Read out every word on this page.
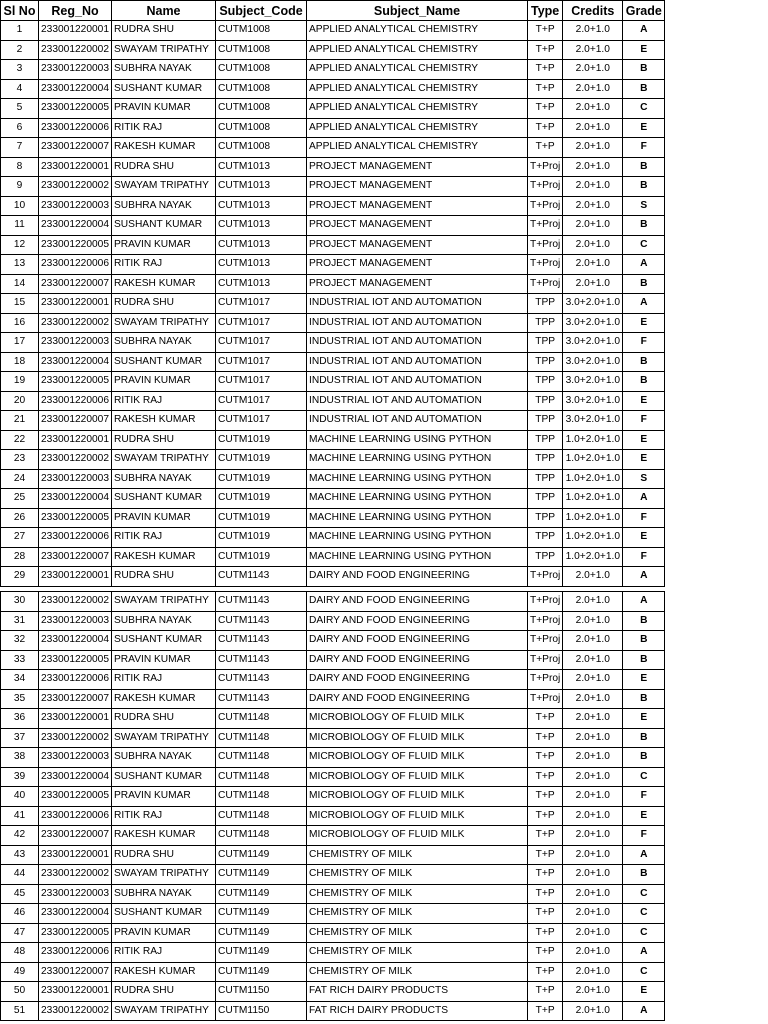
Sl No	Reg_No	Name	Subject_Code	Subject_Name	Type	Credits	Grade
1	233001220001	RUDRA SHU	CUTM1008	APPLIED ANALYTICAL CHEMISTRY	T+P	2.0+1.0	A
2	233001220002	SWAYAM TRIPATHY	CUTM1008	APPLIED ANALYTICAL CHEMISTRY	T+P	2.0+1.0	E
3	233001220003	SUBHRA NAYAK	CUTM1008	APPLIED ANALYTICAL CHEMISTRY	T+P	2.0+1.0	B
4	233001220004	SUSHANT KUMAR	CUTM1008	APPLIED ANALYTICAL CHEMISTRY	T+P	2.0+1.0	B
5	233001220005	PRAVIN KUMAR	CUTM1008	APPLIED ANALYTICAL CHEMISTRY	T+P	2.0+1.0	C
6	233001220006	RITIK RAJ	CUTM1008	APPLIED ANALYTICAL CHEMISTRY	T+P	2.0+1.0	E
7	233001220007	RAKESH KUMAR	CUTM1008	APPLIED ANALYTICAL CHEMISTRY	T+P	2.0+1.0	F
8	233001220001	RUDRA SHU	CUTM1013	PROJECT MANAGEMENT	T+Proj	2.0+1.0	B
9	233001220002	SWAYAM TRIPATHY	CUTM1013	PROJECT MANAGEMENT	T+Proj	2.0+1.0	B
10	233001220003	SUBHRA NAYAK	CUTM1013	PROJECT MANAGEMENT	T+Proj	2.0+1.0	S
11	233001220004	SUSHANT KUMAR	CUTM1013	PROJECT MANAGEMENT	T+Proj	2.0+1.0	B
12	233001220005	PRAVIN KUMAR	CUTM1013	PROJECT MANAGEMENT	T+Proj	2.0+1.0	C
13	233001220006	RITIK RAJ	CUTM1013	PROJECT MANAGEMENT	T+Proj	2.0+1.0	A
14	233001220007	RAKESH KUMAR	CUTM1013	PROJECT MANAGEMENT	T+Proj	2.0+1.0	B
15	233001220001	RUDRA SHU	CUTM1017	INDUSTRIAL IOT AND AUTOMATION	TPP	3.0+2.0+1.0	A
16	233001220002	SWAYAM TRIPATHY	CUTM1017	INDUSTRIAL IOT AND AUTOMATION	TPP	3.0+2.0+1.0	E
17	233001220003	SUBHRA NAYAK	CUTM1017	INDUSTRIAL IOT AND AUTOMATION	TPP	3.0+2.0+1.0	F
18	233001220004	SUSHANT KUMAR	CUTM1017	INDUSTRIAL IOT AND AUTOMATION	TPP	3.0+2.0+1.0	B
19	233001220005	PRAVIN KUMAR	CUTM1017	INDUSTRIAL IOT AND AUTOMATION	TPP	3.0+2.0+1.0	B
20	233001220006	RITIK RAJ	CUTM1017	INDUSTRIAL IOT AND AUTOMATION	TPP	3.0+2.0+1.0	E
21	233001220007	RAKESH KUMAR	CUTM1017	INDUSTRIAL IOT AND AUTOMATION	TPP	3.0+2.0+1.0	F
22	233001220001	RUDRA SHU	CUTM1019	MACHINE LEARNING USING PYTHON	TPP	1.0+2.0+1.0	E
23	233001220002	SWAYAM TRIPATHY	CUTM1019	MACHINE LEARNING USING PYTHON	TPP	1.0+2.0+1.0	E
24	233001220003	SUBHRA NAYAK	CUTM1019	MACHINE LEARNING USING PYTHON	TPP	1.0+2.0+1.0	S
25	233001220004	SUSHANT KUMAR	CUTM1019	MACHINE LEARNING USING PYTHON	TPP	1.0+2.0+1.0	A
26	233001220005	PRAVIN KUMAR	CUTM1019	MACHINE LEARNING USING PYTHON	TPP	1.0+2.0+1.0	F
27	233001220006	RITIK RAJ	CUTM1019	MACHINE LEARNING USING PYTHON	TPP	1.0+2.0+1.0	E
28	233001220007	RAKESH KUMAR	CUTM1019	MACHINE LEARNING USING PYTHON	TPP	1.0+2.0+1.0	F
29	233001220001	RUDRA SHU	CUTM1143	DAIRY AND FOOD ENGINEERING	T+Proj	2.0+1.0	A
30	233001220002	SWAYAM TRIPATHY	CUTM1143	DAIRY AND FOOD ENGINEERING	T+Proj	2.0+1.0	A
31	233001220003	SUBHRA NAYAK	CUTM1143	DAIRY AND FOOD ENGINEERING	T+Proj	2.0+1.0	B
32	233001220004	SUSHANT KUMAR	CUTM1143	DAIRY AND FOOD ENGINEERING	T+Proj	2.0+1.0	B
33	233001220005	PRAVIN KUMAR	CUTM1143	DAIRY AND FOOD ENGINEERING	T+Proj	2.0+1.0	B
34	233001220006	RITIK RAJ	CUTM1143	DAIRY AND FOOD ENGINEERING	T+Proj	2.0+1.0	E
35	233001220007	RAKESH KUMAR	CUTM1143	DAIRY AND FOOD ENGINEERING	T+Proj	2.0+1.0	B
36	233001220001	RUDRA SHU	CUTM1148	MICROBIOLOGY OF FLUID MILK	T+P	2.0+1.0	E
37	233001220002	SWAYAM TRIPATHY	CUTM1148	MICROBIOLOGY OF FLUID MILK	T+P	2.0+1.0	B
38	233001220003	SUBHRA NAYAK	CUTM1148	MICROBIOLOGY OF FLUID MILK	T+P	2.0+1.0	B
39	233001220004	SUSHANT KUMAR	CUTM1148	MICROBIOLOGY OF FLUID MILK	T+P	2.0+1.0	C
40	233001220005	PRAVIN KUMAR	CUTM1148	MICROBIOLOGY OF FLUID MILK	T+P	2.0+1.0	F
41	233001220006	RITIK RAJ	CUTM1148	MICROBIOLOGY OF FLUID MILK	T+P	2.0+1.0	E
42	233001220007	RAKESH KUMAR	CUTM1148	MICROBIOLOGY OF FLUID MILK	T+P	2.0+1.0	F
43	233001220001	RUDRA SHU	CUTM1149	CHEMISTRY OF MILK	T+P	2.0+1.0	A
44	233001220002	SWAYAM TRIPATHY	CUTM1149	CHEMISTRY OF MILK	T+P	2.0+1.0	B
45	233001220003	SUBHRA NAYAK	CUTM1149	CHEMISTRY OF MILK	T+P	2.0+1.0	C
46	233001220004	SUSHANT KUMAR	CUTM1149	CHEMISTRY OF MILK	T+P	2.0+1.0	C
47	233001220005	PRAVIN KUMAR	CUTM1149	CHEMISTRY OF MILK	T+P	2.0+1.0	C
48	233001220006	RITIK RAJ	CUTM1149	CHEMISTRY OF MILK	T+P	2.0+1.0	A
49	233001220007	RAKESH KUMAR	CUTM1149	CHEMISTRY OF MILK	T+P	2.0+1.0	C
50	233001220001	RUDRA SHU	CUTM1150	FAT RICH DAIRY PRODUCTS	T+P	2.0+1.0	E
51	233001220002	SWAYAM TRIPATHY	CUTM1150	FAT RICH DAIRY PRODUCTS	T+P	2.0+1.0	A
